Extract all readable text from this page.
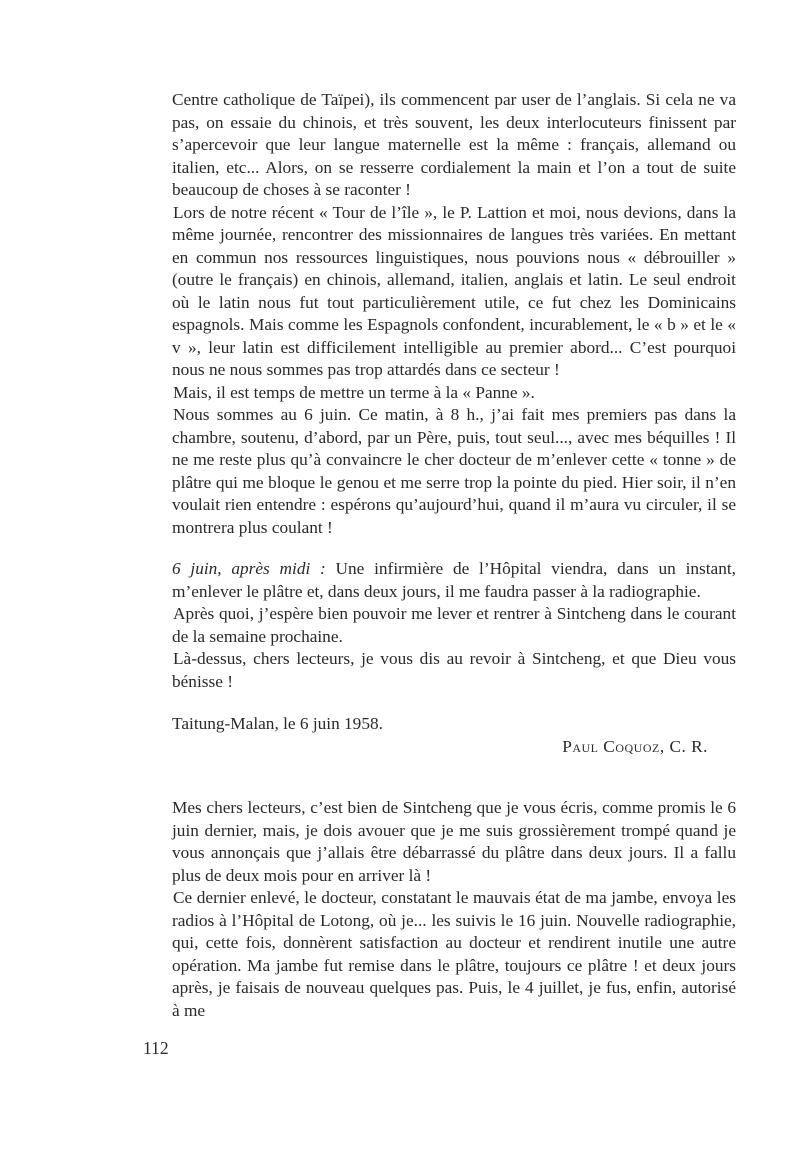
Centre catholique de Taïpei), ils commencent par user de l’anglais. Si cela ne va pas, on essaie du chinois, et très souvent, les deux interlocuteurs finissent par s’apercevoir que leur langue maternelle est la même : français, allemand ou italien, etc... Alors, on se resserre cordialement la main et l’on a tout de suite beaucoup de choses à se raconter !

Lors de notre récent « Tour de l’île », le P. Lattion et moi, nous devions, dans la même journée, rencontrer des missionnaires de langues très variées. En mettant en commun nos ressources linguistiques, nous pouvions nous « débrouiller » (outre le français) en chinois, allemand, italien, anglais et latin. Le seul endroit où le latin nous fut tout particulièrement utile, ce fut chez les Dominicains espagnols. Mais comme les Espagnols confondent, incurablement, le « b » et le « v », leur latin est difficilement intelligible au premier abord... C’est pourquoi nous ne nous sommes pas trop attardés dans ce secteur !

Mais, il est temps de mettre un terme à la « Panne ».

Nous sommes au 6 juin. Ce matin, à 8 h., j’ai fait mes premiers pas dans la chambre, soutenu, d’abord, par un Père, puis, tout seul..., avec mes béquilles ! Il ne me reste plus qu’à convaincre le cher docteur de m’enlever cette « tonne » de plâtre qui me bloque le genou et me serre trop la pointe du pied. Hier soir, il n’en voulait rien entendre : espérons qu’aujourd’hui, quand il m’aura vu circuler, il se montrera plus coulant !

6 juin, après midi : Une infirmière de l’Hôpital viendra, dans un instant, m’enlever le plâtre et, dans deux jours, il me faudra passer à la radiographie.

Après quoi, j’espère bien pouvoir me lever et rentrer à Sintcheng dans le courant de la semaine prochaine.

Là-dessus, chers lecteurs, je vous dis au revoir à Sintcheng, et que Dieu vous bénisse !

Taitung-Malan, le 6 juin 1958.

Paul Coquoz, C. R.

Mes chers lecteurs, c’est bien de Sintcheng que je vous écris, comme promis le 6 juin dernier, mais, je dois avouer que je me suis grossièrement trompé quand je vous annonçais que j’allais être débarrassé du plâtre dans deux jours. Il a fallu plus de deux mois pour en arriver là !

Ce dernier enlevé, le docteur, constatant le mauvais état de ma jambe, envoya les radios à l’Hôpital de Lotong, où je... les suivis le 16 juin. Nouvelle radiographie, qui, cette fois, donnèrent satisfaction au docteur et rendirent inutile une autre opération. Ma jambe fut remise dans le plâtre, toujours ce plâtre ! et deux jours après, je faisais de nouveau quelques pas. Puis, le 4 juillet, je fus, enfin, autorisé à me

112
